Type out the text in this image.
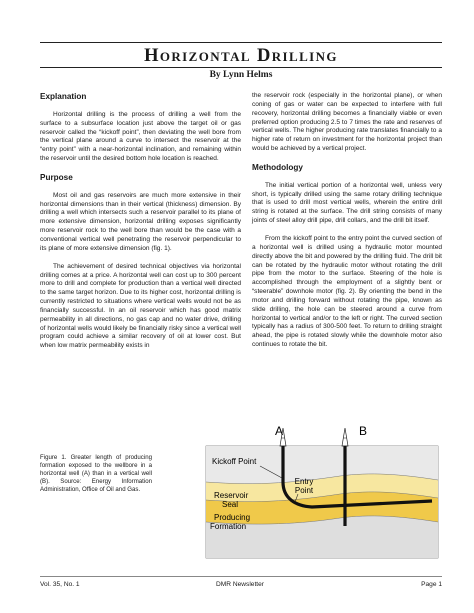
Horizontal Drilling
By Lynn Helms
Explanation

Horizontal drilling is the process of drilling a well from the surface to a subsurface location just above the target oil or gas reservoir called the “kickoff point”, then deviating the well bore from the vertical plane around a curve to intersect the reservoir at the “entry point” with a near-horizontal inclination, and remaining within the reservoir until the desired bottom hole location is reached.

Purpose

Most oil and gas reservoirs are much more extensive in their horizontal dimensions than in their vertical (thickness) dimension. By drilling a well which intersects such a reservoir parallel to its plane of more extensive dimension, horizontal drilling exposes significantly more reservoir rock to the well bore than would be the case with a conventional vertical well penetrating the reservoir perpendicular to its plane of more extensive dimension (fig. 1).

The achievement of desired technical objectives via horizontal drilling comes at a price. A horizontal well can cost up to 300 percent more to drill and complete for production than a vertical well directed to the same target horizon. Due to its higher cost, horizontal drilling is currently restricted to situations where vertical wells would not be as financially successful. In an oil reservoir which has good matrix permeability in all directions, no gas cap and no water drive, drilling of horizontal wells would likely be financially risky since a vertical well program could achieve a similar recovery of oil at lower cost. But when low matrix permeability exists in

the reservoir rock (especially in the horizontal plane), or when coning of gas or water can be expected to interfere with full recovery, horizontal drilling becomes a financially viable or even preferred option producing 2.5 to 7 times the rate and reserves of vertical wells. The higher producing rate translates financially to a higher rate of return on investment for the horizontal project than would be achieved by a vertical project.

Methodology

The initial vertical portion of a horizontal well, unless very short, is typically drilled using the same rotary drilling technique that is used to drill most vertical wells, wherein the entire drill string is rotated at the surface. The drill string consists of many joints of steel alloy drill pipe, drill collars, and the drill bit itself.

From the kickoff point to the entry point the curved section of a horizontal well is drilled using a hydraulic motor mounted directly above the bit and powered by the drilling fluid. The drill bit can be rotated by the hydraulic motor without rotating the drill pipe from the motor to the surface. Steering of the hole is accomplished through the employment of a slightly bent or “steerable” downhole motor (fig. 2). By orienting the bend in the motor and drilling forward without rotating the pipe, known as slide drilling, the hole can be steered around a curve from horizontal to vertical and/or to the left or right. The curved section typically has a radius of 300-500 feet. To return to drilling straight ahead, the pipe is rotated slowly while the downhole motor also continues to rotate the bit.

Figure 1. Greater length of producing formation exposed to the wellbore in a horizontal well (A) than in a vertical well (B). Source: Energy Information Administration, Office of Oil and Gas.

A	B
Kickoff Point
Entry
Point
Reservoir
Seal
Producing
Formation
Vol. 35, No. 1	DMR Newsletter	Page 1
